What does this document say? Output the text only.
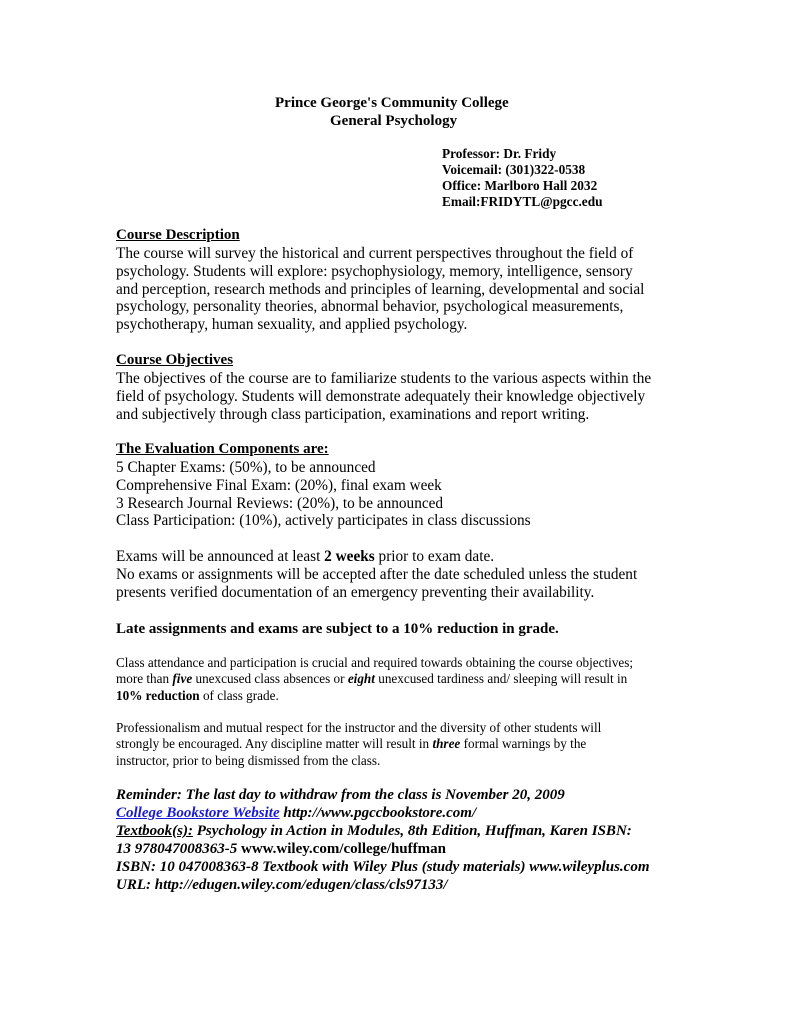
Prince George's Community College
General Psychology
Professor: Dr. Fridy
Voicemail: (301)322-0538
Office: Marlboro Hall 2032
Email:FRIDYTL@pgcc.edu
Course Description
The course will survey the historical and current perspectives throughout the field of
psychology. Students will explore: psychophysiology, memory, intelligence, sensory
and perception, research methods and principles of learning, developmental and social
psychology, personality theories, abnormal behavior, psychological measurements,
psychotherapy, human sexuality, and applied psychology.
Course Objectives
The objectives of the course are to familiarize students to the various aspects within the
field of psychology. Students will demonstrate adequately their knowledge objectively
and subjectively through class participation, examinations and report writing.
The Evaluation Components are:
5 Chapter Exams: (50%), to be announced
Comprehensive Final Exam: (20%), final exam week
3 Research Journal Reviews: (20%), to be announced
Class Participation: (10%), actively participates in class discussions
Exams will be announced at least 2 weeks prior to exam date.
No exams or assignments will be accepted after the date scheduled unless the student
presents verified documentation of an emergency preventing their availability.
Late assignments and exams are subject to a 10% reduction in grade.
Class attendance and participation is crucial and required towards obtaining the course objectives;
more than five unexcused class absences or eight unexcused tardiness and/ sleeping will result in
10% reduction of class grade.
Professionalism and mutual respect for the instructor and the diversity of other students will
strongly be encouraged. Any discipline matter will result in three formal warnings by the
instructor, prior to being dismissed from the class.
Reminder: The last day to withdraw from the class is November 20, 2009
College Bookstore Website http://www.pgccbookstore.com/
Textbook(s): Psychology in Action in Modules, 8th Edition, Huffman, Karen ISBN:
13 978047008363-5 www.wiley.com/college/huffman
ISBN: 10 047008363-8 Textbook with Wiley Plus (study materials) www.wileyplus.com
URL: http://edugen.wiley.com/edugen/class/cls97133/
